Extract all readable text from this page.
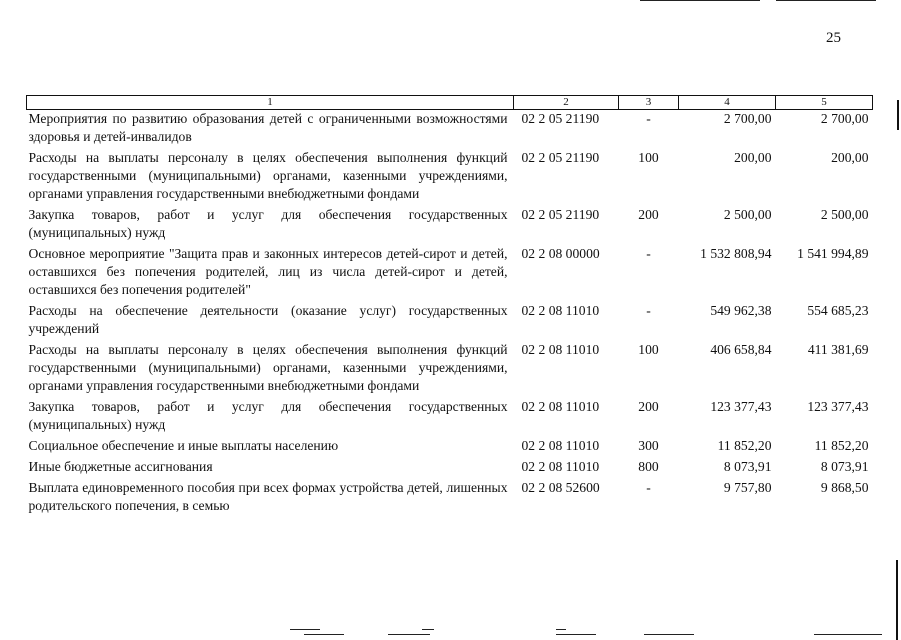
25
1	2	3	4	5
Мероприятия по развитию образования детей с ограниченными возможностями здоровья и детей-инвалидов	02 2 05 21190	-	2 700,00	2 700,00
Расходы на выплаты персоналу в целях обеспечения выполнения функций государственными (муниципальными) органами, казенными учреждениями, органами управления государственными внебюджетными фондами	02 2 05 21190	100	200,00	200,00
Закупка товаров, работ и услуг для обеспечения государственных (муниципальных) нужд	02 2 05 21190	200	2 500,00	2 500,00
Основное мероприятие "Защита прав и законных интересов детей-сирот и детей, оставшихся без попечения родителей, лиц из числа детей-сирот и детей, оставшихся без попечения родителей"	02 2 08 00000	-	1 532 808,94	1 541 994,89
Расходы на обеспечение деятельности (оказание услуг) государственных учреждений	02 2 08 11010	-	549 962,38	554 685,23
Расходы на выплаты персоналу в целях обеспечения выполнения функций государственными (муниципальными) органами, казенными учреждениями, органами управления государственными внебюджетными фондами	02 2 08 11010	100	406 658,84	411 381,69
Закупка товаров, работ и услуг для обеспечения государственных (муниципальных) нужд	02 2 08 11010	200	123 377,43	123 377,43
Социальное обеспечение и иные выплаты населению	02 2 08 11010	300	11 852,20	11 852,20
Иные бюджетные ассигнования	02 2 08 11010	800	8 073,91	8 073,91
Выплата единовременного пособия при всех формах устройства детей, лишенных родительского попечения, в семью	02 2 08 52600	-	9 757,80	9 868,50
